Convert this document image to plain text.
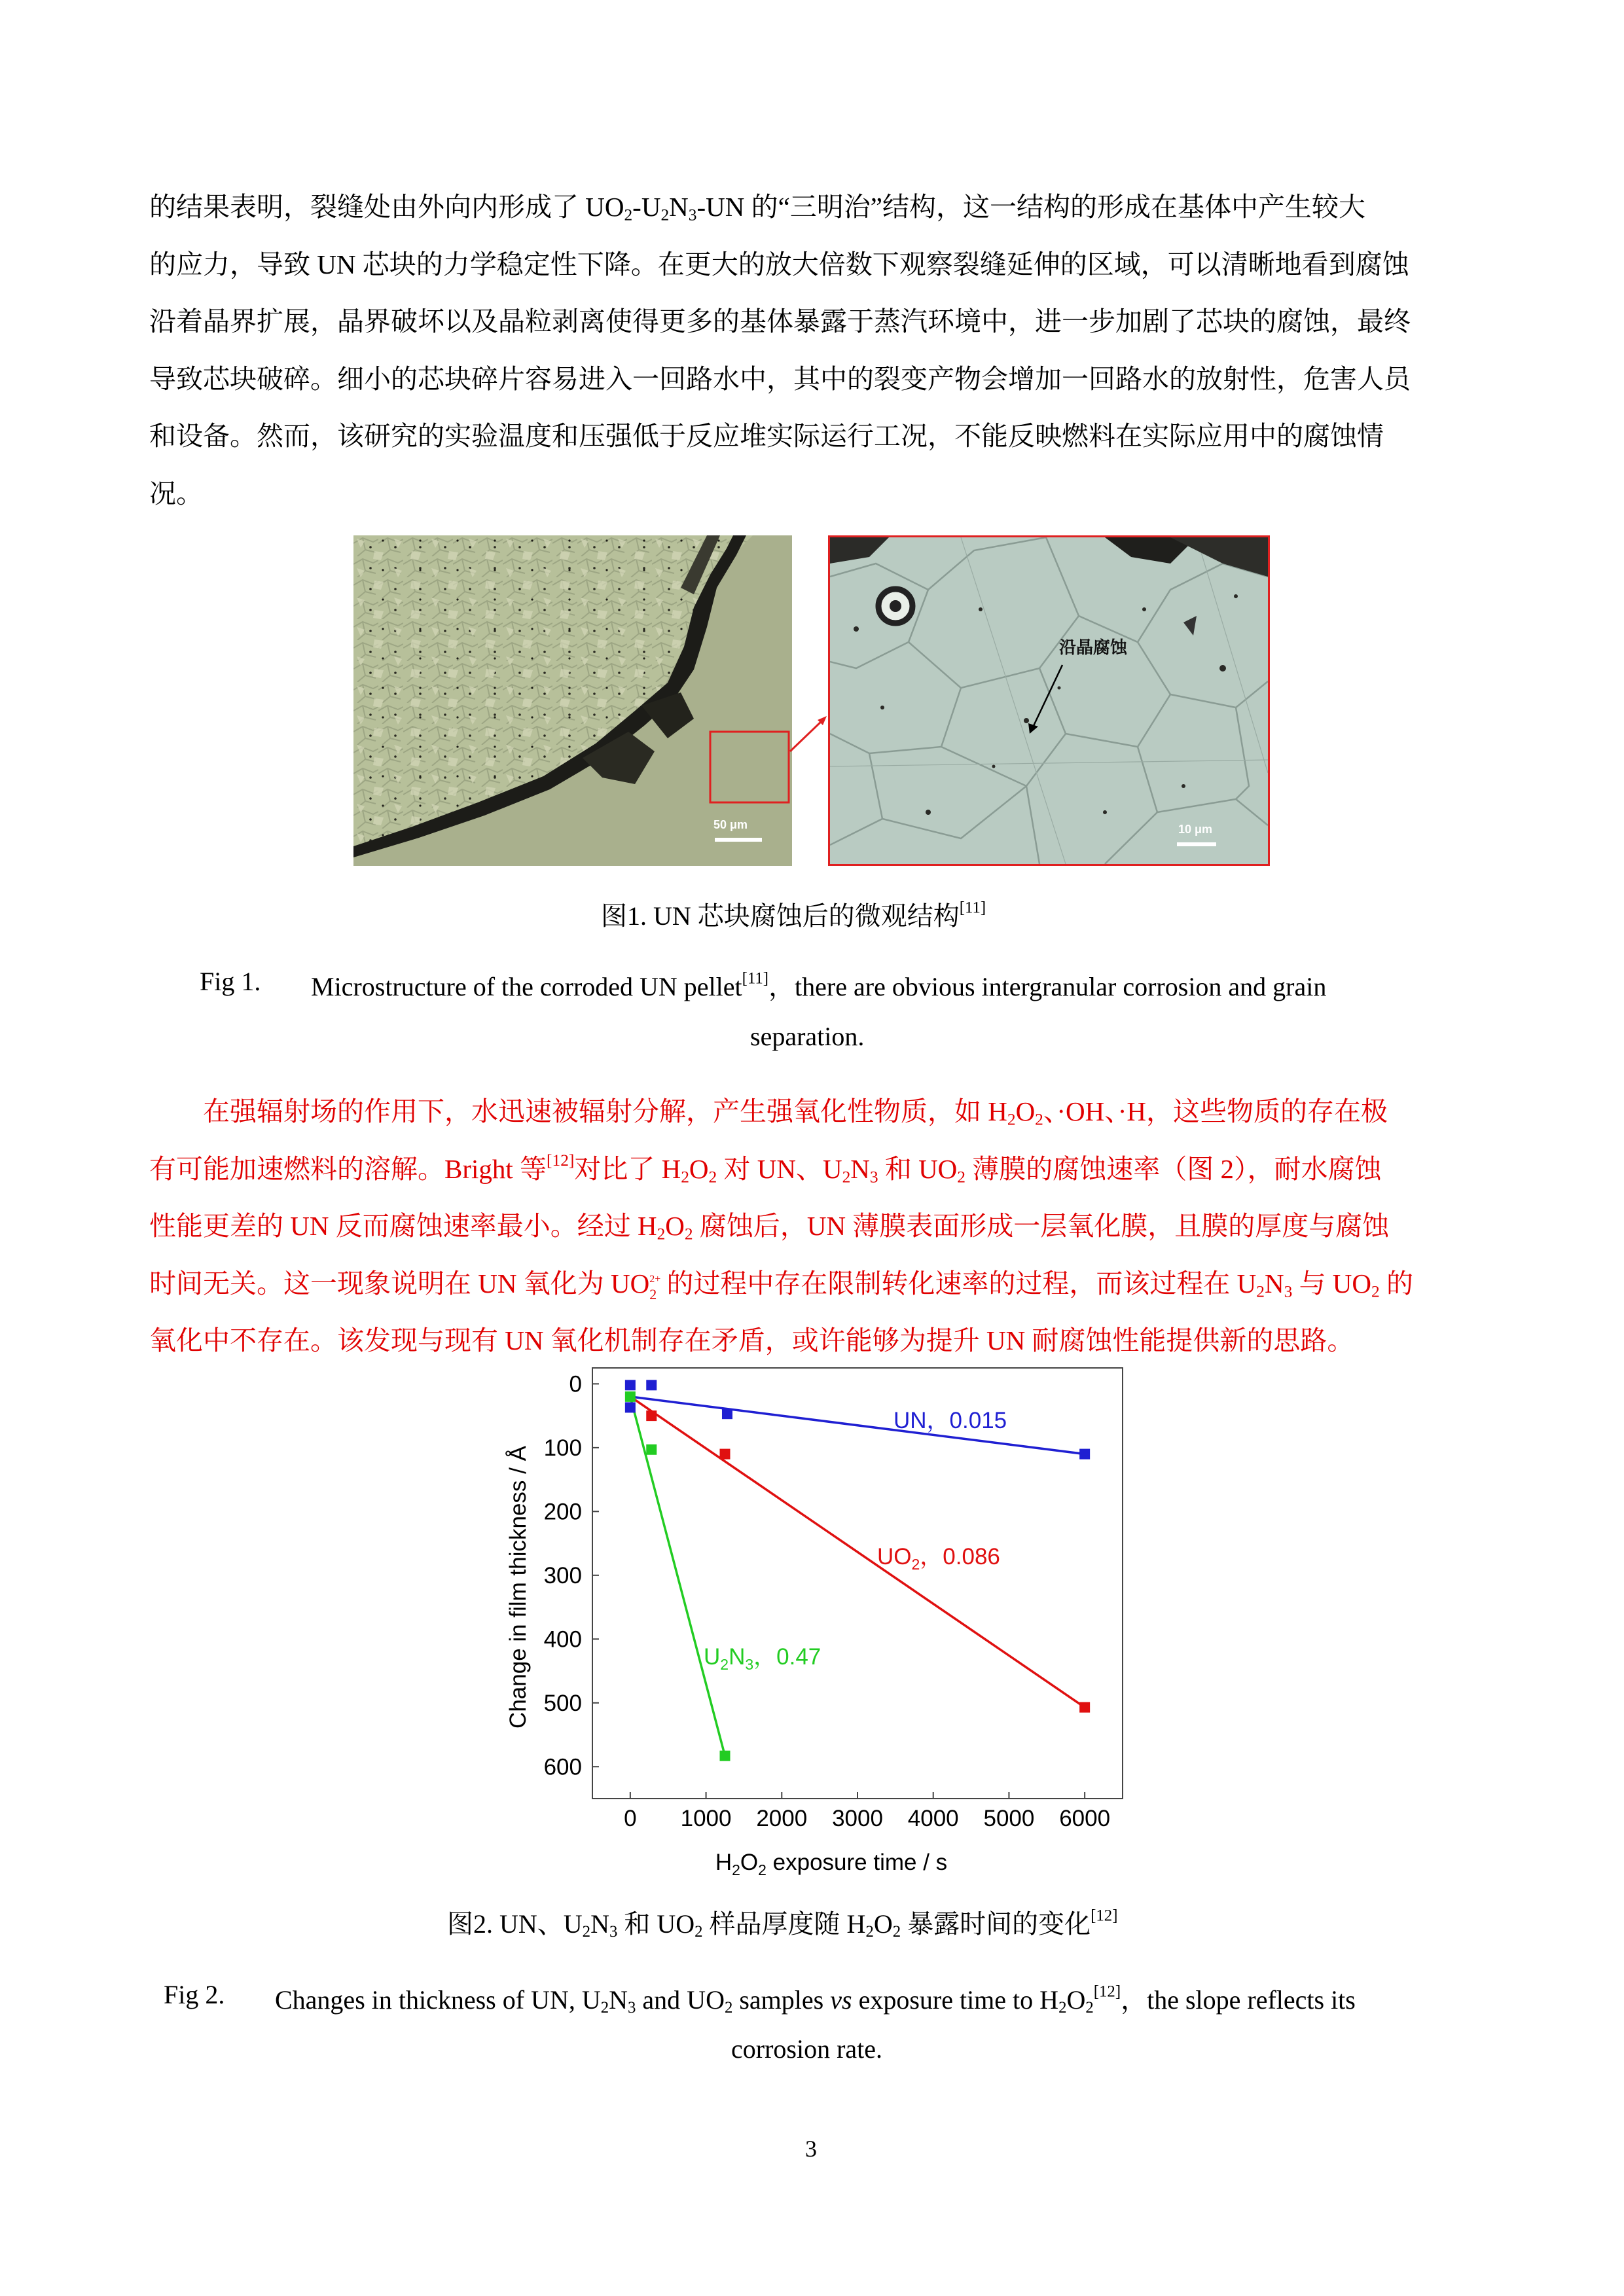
的结果表明，裂缝处由外向内形成了 $UO_2-U_2N_3-UN$ 的“三明治”结构，这一结构的形成在基体中产生较大
的应力，导致 UN 芯块的力学稳定性下降。在更大的放大倍数下观察裂缝延伸的区域，可以清晰地看到腐蚀
沿着晶界扩展，晶界破坏以及晶粒剥离使得更多的基体暴露于蒸汽环境中，进一步加剧了芯块的腐蚀，最终
导致芯块破碎。细小的芯块碎片容易进入一回路水中，其中的裂变产物会增加一回路水的放射性，危害人员
和设备。然而，该研究的实验温度和压强低于反应堆实际运行工况，不能反映燃料在实际应用中的腐蚀情
况。
50 μm
沿晶腐蚀
10 μm
图1. UN 芯块腐蚀后的微观结构[11]
Fig 1. Microstructure of the corroded UN pellet[11]，there are obvious intergranular corrosion and grain
separation.
在强辐射场的作用下，水迅速被辐射分解，产生强氧化性物质，如 $H_2O_2$、·OH、·H，这些物质的存在极
有可能加速燃料的溶解。Bright 等[12]对比了 $H_2O_2$ 对 UN、$U_2N_3$ 和 $UO_2$ 薄膜的腐蚀速率（图 2），耐水腐蚀
性能更差的 UN 反而腐蚀速率最小。经过 $H_2O_2$ 腐蚀后，UN 薄膜表面形成一层氧化膜，且膜的厚度与腐蚀
时间无关。这一现象说明在 UN 氧化为 UO 2+
2 的过程中存在限制转化速率的过程，而该过程在 $U_2N_3$ 与 $UO_2$ 的
氧化中不存在。该发现与现有 UN 氧化机制存在矛盾，或许能够为提升 UN 耐腐蚀性能提供新的思路。
0 1000 2000 3000 4000 5000 6000
0
100
200
300
400
500
600
Change in film thickness / Å
$H_2O_2$ exposure time / s
UN，0.015
$UO_2$，0.086
$U_2N_3$，0.47
图2. UN、$U_2N_3$ 和 $UO_2$ 样品厚度随 $H_2O_2$ 暴露时间的变化[12]
Fig 2. Changes in thickness of UN, $U_2N_3$ and $UO_2$ samples vs exposure time to $H_2O_2[12]$，the slope reflects its
corrosion rate.
3
